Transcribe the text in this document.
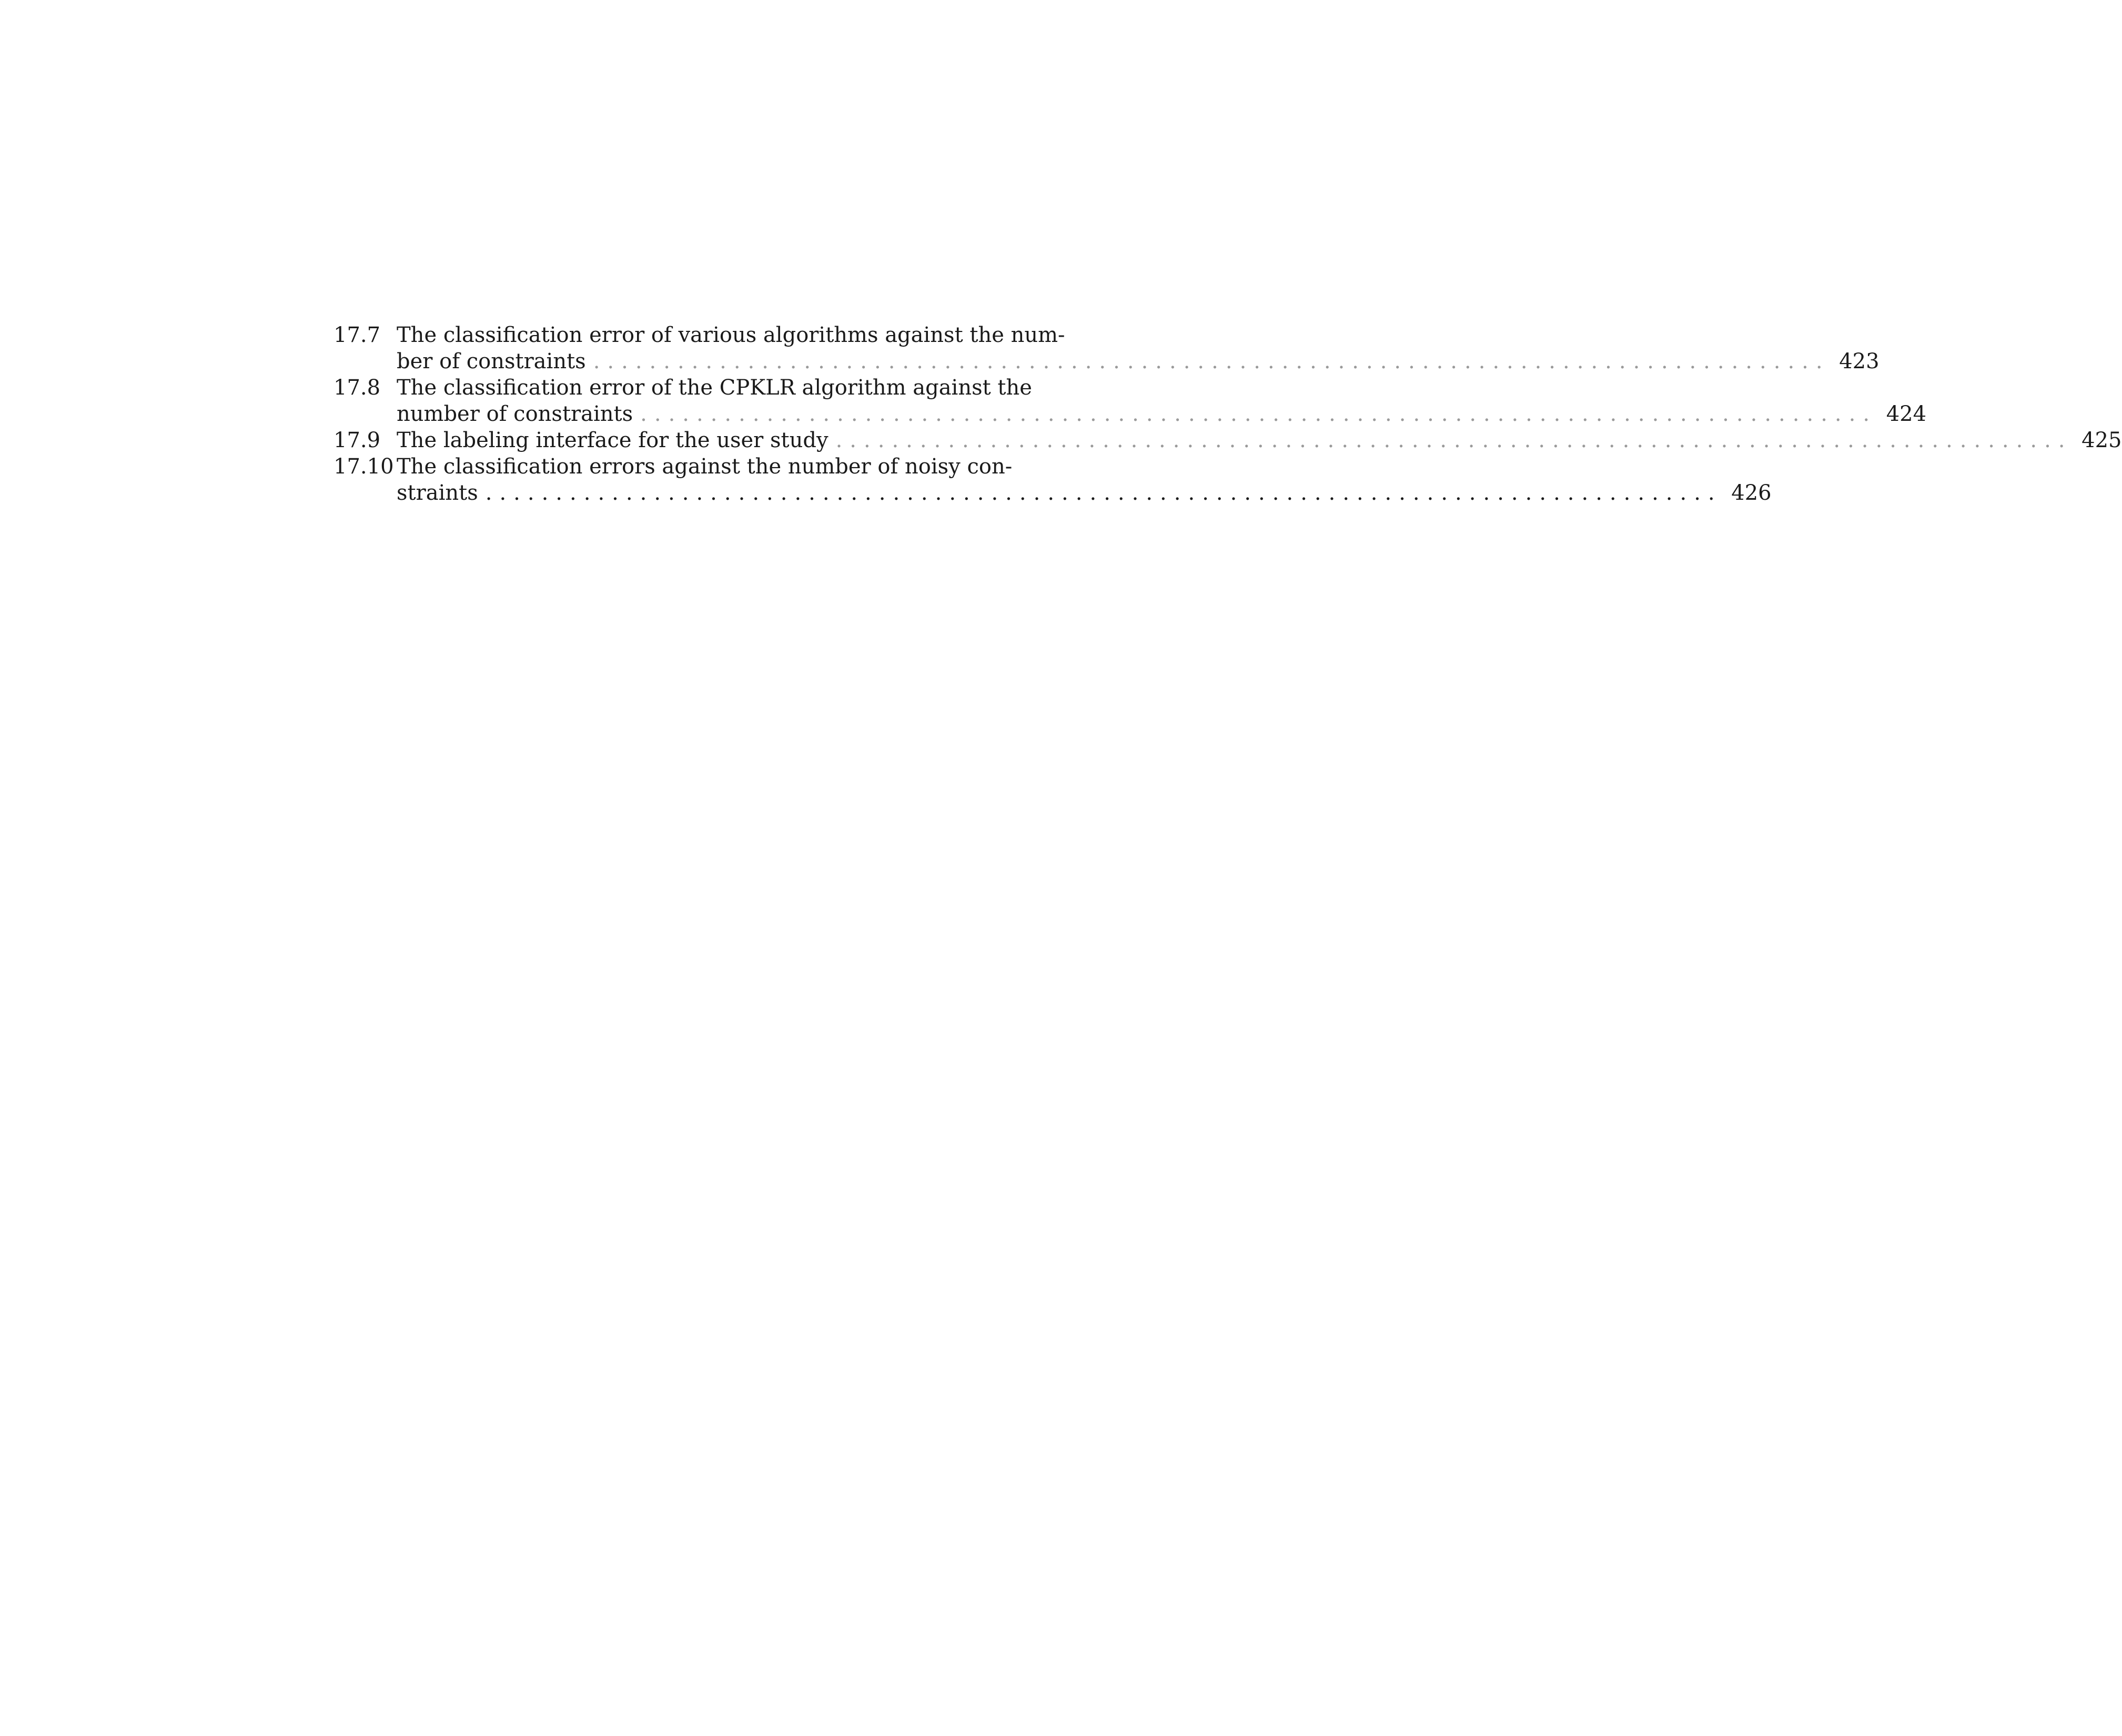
17.7 The classification error of various algorithms against the num-
ber of constraints ........................................................................................ 423
17.8 The classification error of the CPKLR algorithm against the
number of constraints ........................................................................................ 424
17.9 The labeling interface for the user study ........................................................................................ 425
17.10 The classification errors against the number of noisy con-
straints ........................................................................................ 426
